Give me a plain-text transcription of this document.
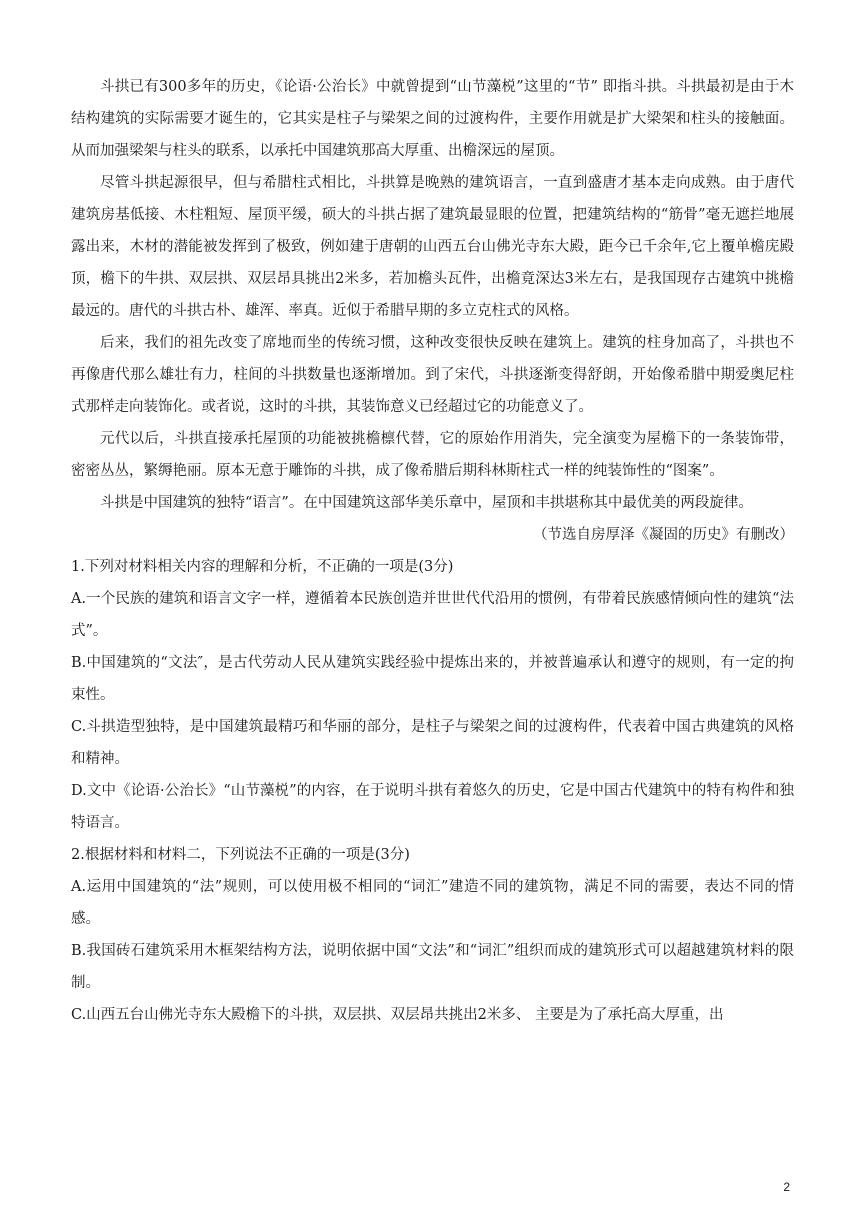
斗拱已有300多年的历史，《论语·公治长》中就曾提到“山节藻棁”这里的“节” 即指斗拱。斗拱最初是由于木结构建筑的实际需要才诞生的，它其实是柱子与梁架之间的过渡构件，主要作用就是扩大梁架和柱头的接触面。从而加强梁架与柱头的联系，以承托中国建筑那高大厚重、出檐深远的屋顶。

尽管斗拱起源很早，但与希腊柱式相比，斗拱算是晚熟的建筑语言，一直到盛唐才基本走向成熟。由于唐代建筑房基低接、木柱粗短、屋顶平缓，硕大的斗拱占据了建筑最显眼的位置，把建筑结构的“筋骨”毫无遮拦地展露出来，木材的潜能被发挥到了极致，例如建于唐朝的山西五台山佛光寺东大殿，距今已千余年,它上覆单檐庑殿顶，檐下的牛拱、双层拱、双层昂具挑出2米多，若加檐头瓦件，出檐竟深达3米左右，是我国现存古建筑中挑檐最远的。唐代的斗拱古朴、雄浑、率真。近似于希腊早期的多立克柱式的风格。

后来，我们的祖先改变了席地而坐的传统习惯，这种改变很快反映在建筑上。建筑的柱身加高了，斗拱也不再像唐代那么雄壮有力，柱间的斗拱数量也逐渐增加。到了宋代，斗拱逐渐变得舒朗，开始像希腊中期爱奥尼柱式那样走向装饰化。或者说，这时的斗拱，其装饰意义已经超过它的功能意义了。

元代以后，斗拱直接承托屋顶的功能被挑檐檩代替，它的原始作用消失，完全演变为屋檐下的一条装饰带，密密丛丛，繁缛艳丽。原本无意于雕饰的斗拱，成了像希腊后期科林斯柱式一样的纯装饰性的“图案”。

斗拱是中国建筑的独特“语言”。在中国建筑这部华美乐章中，屋顶和丰拱堪称其中最优美的两段旋律。

（节选自房厚泽《凝固的历史》有删改）

1.下列对材料相关内容的理解和分析，不正确的一项是(3分)

A.一个民族的建筑和语言文字一样，遵循着本民族创造并世世代代沿用的惯例，有带着民族感情倾向性的建筑“法式”。

B.中国建筑的“文法″，是古代劳动人民从建筑实践经验中提炼出来的，并被普遍承认和遵守的规则，有一定的拘束性。

C.斗拱造型独特，是中国建筑最精巧和华丽的部分，是柱子与梁架之间的过渡构件，代表着中国古典建筑的风格和精神。

D.文中《论语·公治长》“山节藻棁”的内容，在于说明斗拱有着悠久的历史，它是中国古代建筑中的特有构件和独特语言。

2.根据材料和材料二，下列说法不正确的一项是(3分)

A.运用中国建筑的“法”规则，可以使用极不相同的“词汇”建造不同的建筑物，满足不同的需要，表达不同的情感。

B.我国砖石建筑采用木框架结构方法，说明依据中国“文法”和“词汇”组织而成的建筑形式可以超越建筑材料的限制。

C.山西五台山佛光寺东大殿檐下的斗拱，双层拱、双层昂共挑出2米多、 主要是为了承托高大厚重，出

2
